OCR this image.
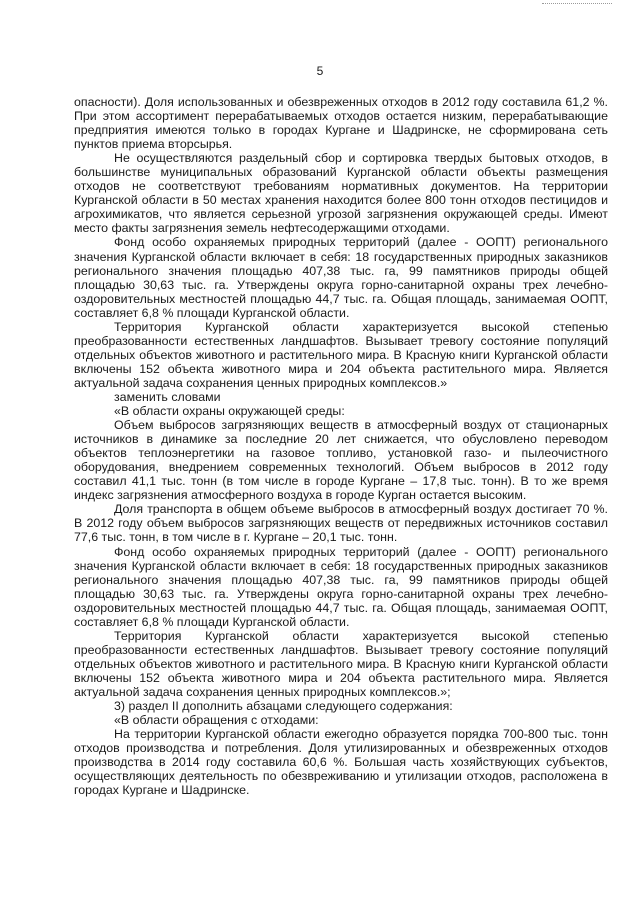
5

опасности). Доля использованных и обезвреженных отходов в 2012 году составила 61,2 %. При этом ассортимент перерабатываемых отходов остается низким, перерабатывающие предприятия имеются только в городах Кургане и Шадринске, не сформирована сеть пунктов приема вторсырья.

Не осуществляются раздельный сбор и сортировка твердых бытовых отходов, в большинстве муниципальных образований Курганской области объекты размещения отходов не соответствуют требованиям нормативных документов. На территории Курганской области в 50 местах хранения находится более 800 тонн отходов пестицидов и агрохимикатов, что является серьезной угрозой загрязнения окружающей среды. Имеют место факты загрязнения земель нефтесодержащими отходами.

Фонд особо охраняемых природных территорий (далее - ООПТ) регионального значения Курганской области включает в себя: 18 государственных природных заказников регионального значения площадью 407,38 тыс. га, 99 памятников природы общей площадью 30,63 тыс. га. Утверждены округа горно-санитарной охраны трех лечебно-оздоровительных местностей площадью 44,7 тыс. га. Общая площадь, занимаемая ООПТ, составляет 6,8 % площади Курганской области.

Территория Курганской области характеризуется высокой степенью преобразованности естественных ландшафтов. Вызывает тревогу состояние популяций отдельных объектов животного и растительного мира. В Красную книги Курганской области включены 152 объекта животного мира и 204 объекта растительного мира. Является актуальной задача сохранения ценных природных комплексов.»

заменить словами

«В области охраны окружающей среды:

Объем выбросов загрязняющих веществ в атмосферный воздух от стационарных источников в динамике за последние 20 лет снижается, что обусловлено переводом объектов теплоэнергетики на газовое топливо, установкой газо- и пылеочистного оборудования, внедрением современных технологий. Объем выбросов в 2012 году составил 41,1 тыс. тонн (в том числе в городе Кургане – 17,8 тыс. тонн). В то же время индекс загрязнения атмосферного воздуха в городе Курган остается высоким.

Доля транспорта в общем объеме выбросов в атмосферный воздух достигает 70 %. В 2012 году объем выбросов загрязняющих веществ от передвижных источников составил 77,6 тыс. тонн, в том числе в г. Кургане – 20,1 тыс. тонн.

Фонд особо охраняемых природных территорий (далее - ООПТ) регионального значения Курганской области включает в себя: 18 государственных природных заказников регионального значения площадью 407,38 тыс. га, 99 памятников природы общей площадью 30,63 тыс. га. Утверждены округа горно-санитарной охраны трех лечебно-оздоровительных местностей площадью 44,7 тыс. га. Общая площадь, занимаемая ООПТ, составляет 6,8 % площади Курганской области.

Территория Курганской области характеризуется высокой степенью преобразованности естественных ландшафтов. Вызывает тревогу состояние популяций отдельных объектов животного и растительного мира. В Красную книги Курганской области включены 152 объекта животного мира и 204 объекта растительного мира. Является актуальной задача сохранения ценных природных комплексов.»;

3) раздел II дополнить абзацами следующего содержания:

«В области обращения с отходами:

На территории Курганской области ежегодно образуется порядка 700-800 тыс. тонн отходов производства и потребления. Доля утилизированных и обезвреженных отходов производства в 2014 году составила 60,6 %. Большая часть хозяйствующих субъектов, осуществляющих деятельность по обезвреживанию и утилизации отходов, расположена в городах Кургане и Шадринске.
